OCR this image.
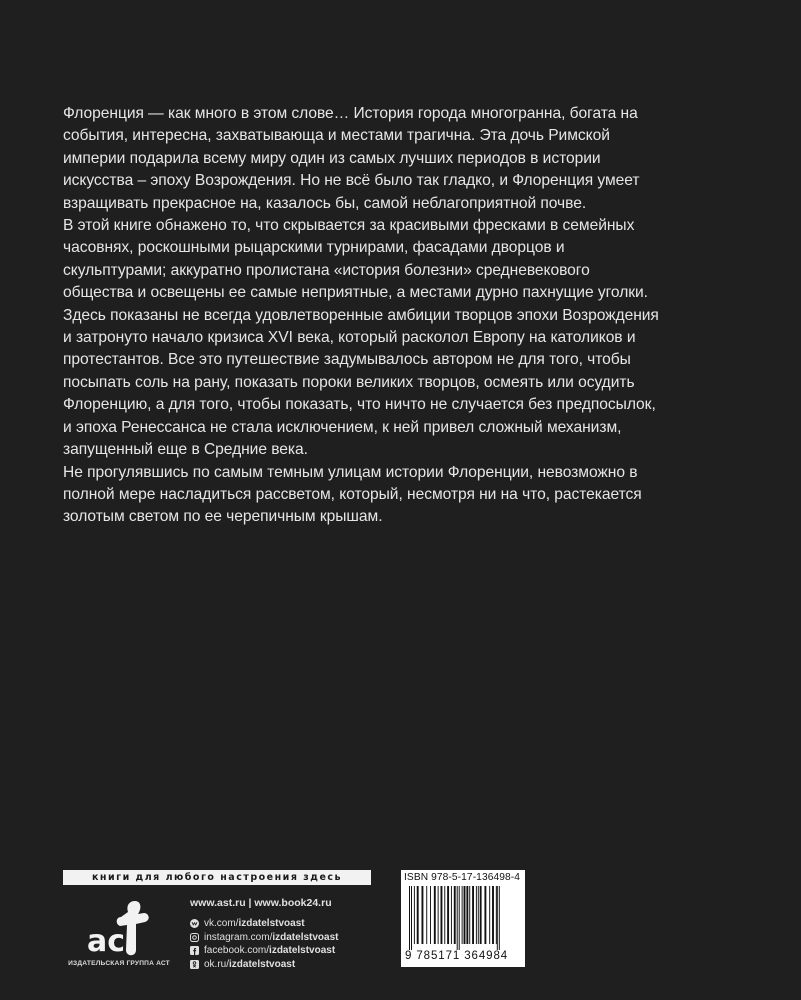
Флоренция — как много в этом слове… История города многогранна, богата на
события, интересна, захватывающа и местами трагична. Эта дочь Римской
империи подарила всему миру один из самых лучших периодов в истории
искусства – эпоху Возрождения. Но не всё было так гладко, и Флоренция умеет
взращивать прекрасное на, казалось бы, самой неблагоприятной почве.

В этой книге обнажено то, что скрывается за красивыми фресками в семейных
часовнях, роскошными рыцарскими турнирами, фасадами дворцов и
скульптурами; аккуратно пролистана «история болезни» средневекового
общества и освещены ее самые неприятные, а местами дурно пахнущие уголки.
Здесь показаны не всегда удовлетворенные амбиции творцов эпохи Возрождения
и затронуто начало кризиса XVI века, который расколол Европу на католиков и
протестантов. Все это путешествие задумывалось автором не для того, чтобы
посыпать соль на рану, показать пороки великих творцов, осмеять или осудить
Флоренцию, а для того, чтобы показать, что ничто не случается без предпосылок,
и эпоха Ренессанса не стала исключением, к ней привел сложный механизм,
запущенный еще в Средние века.

Не прогулявшись по самым темным улицам истории Флоренции, невозможно в
полной мере насладиться рассветом, который, несмотря ни на что, растекается
золотым светом по ее черепичным крышам.

книги для любого настроения здесь
ac
ИЗДАТЕЛЬСКАЯ ГРУППА АСТ
www.ast.ru | www.book24.ru
vk.com/izdatelstvoast
instagram.com/izdatelstvoast
facebook.com/izdatelstvoast
ok.ru/izdatelstvoast
ISBN 978-5-17-136498-4
9 785171 364984
